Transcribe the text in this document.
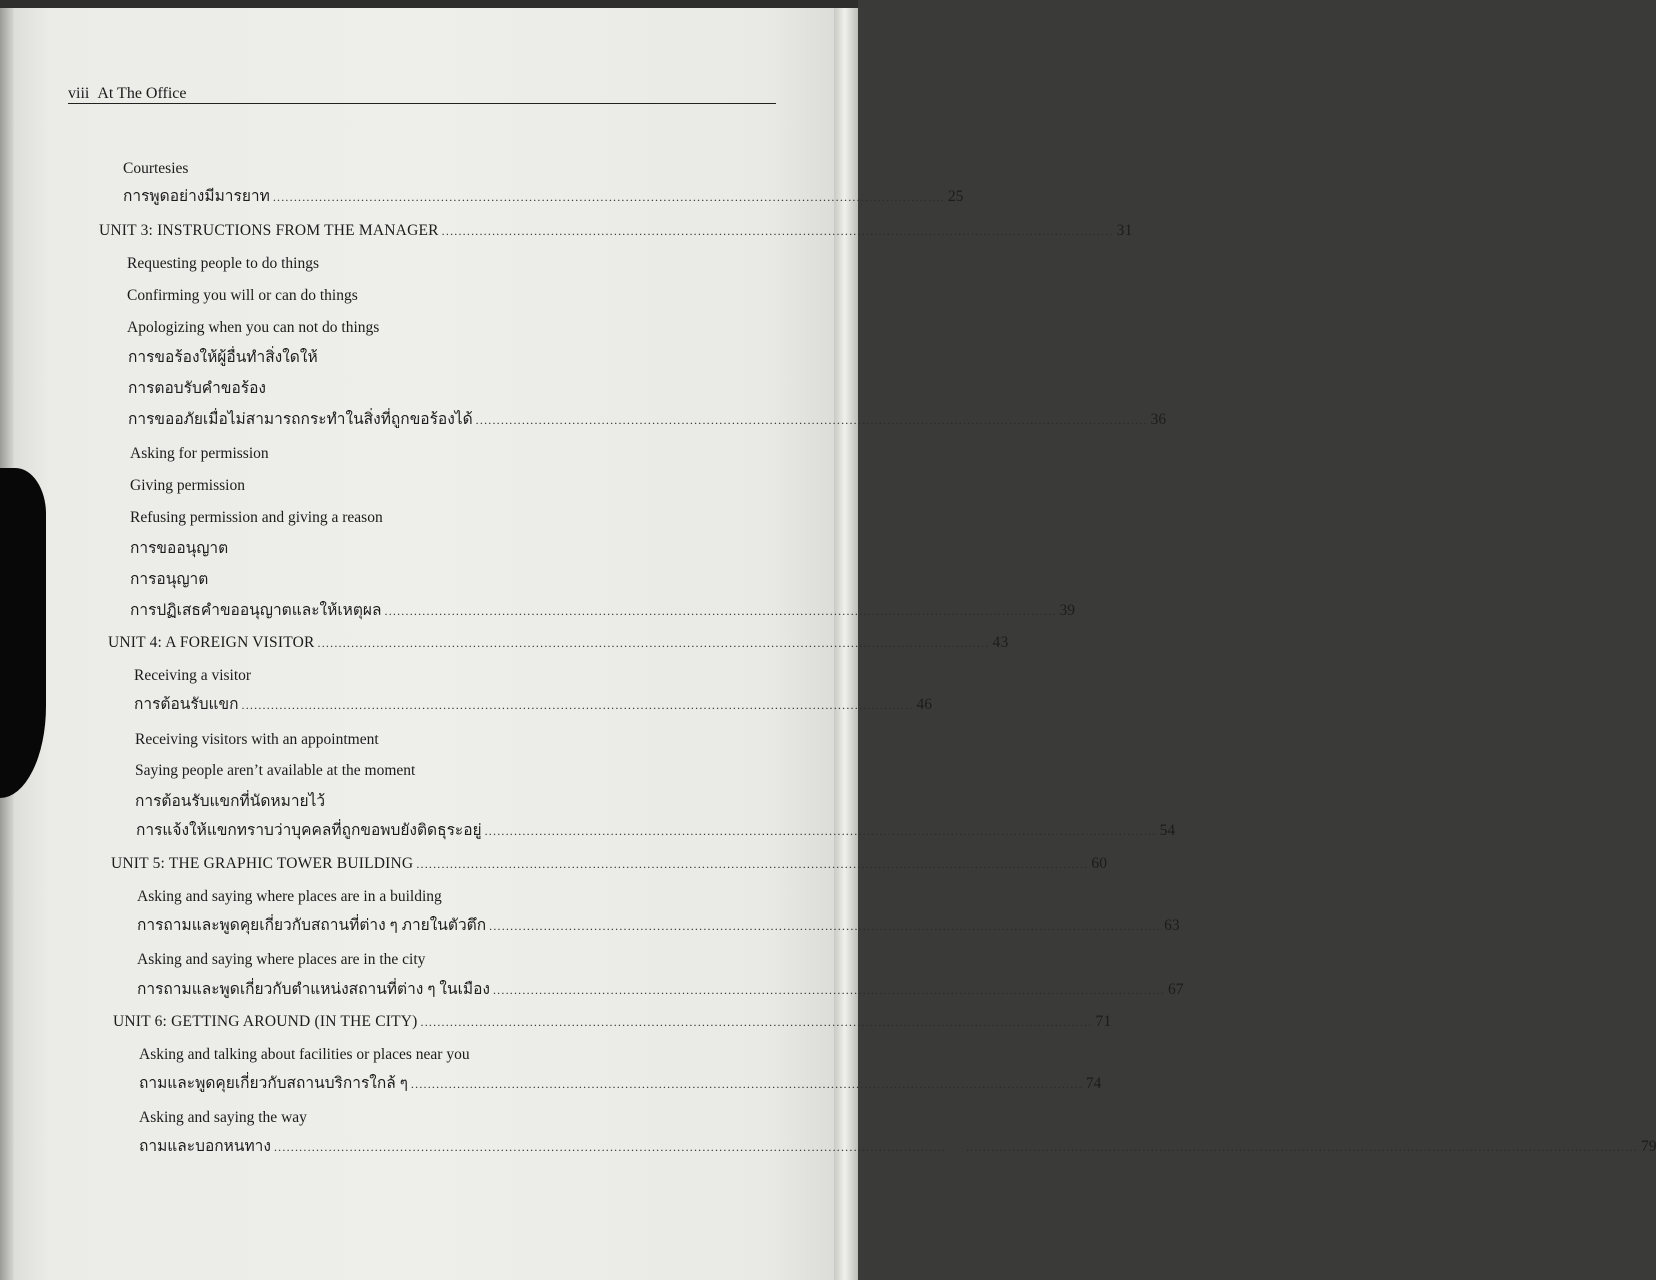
viii At The Office
Courtesies
การพูดอย่างมีมารยาท ................................................................................................................................................................ 25
UNIT 3: INSTRUCTIONS FROM THE MANAGER ................................................................................................................................................................ 31
Requesting people to do things
Confirming you will or can do things
Apologizing when you can not do things
การขอร้องให้ผู้อื่นทำสิ่งใดให้
การตอบรับคำขอร้อง
การขออภัยเมื่อไม่สามารถกระทำในสิ่งที่ถูกขอร้องได้ ................................................................................................................................................................ 36
Asking for permission
Giving permission
Refusing permission and giving a reason
การขออนุญาต
การอนุญาต
การปฏิเสธคำขออนุญาตและให้เหตุผล ................................................................................................................................................................ 39
UNIT 4: A FOREIGN VISITOR ................................................................................................................................................................ 43
Receiving a visitor
การต้อนรับแขก ................................................................................................................................................................ 46
Receiving visitors with an appointment
Saying people aren’t available at the moment
การต้อนรับแขกที่นัดหมายไว้
การแจ้งให้แขกทราบว่าบุคคลที่ถูกขอพบยังติดธุระอยู่ ................................................................................................................................................................ 54
UNIT 5: THE GRAPHIC TOWER BUILDING ................................................................................................................................................................ 60
Asking and saying where places are in a building
การถามและพูดคุยเกี่ยวกับสถานที่ต่าง ๆ ภายในตัวตึก ................................................................................................................................................................ 63
Asking and saying where places are in the city
การถามและพูดเกี่ยวกับตำแหน่งสถานที่ต่าง ๆ ในเมือง ................................................................................................................................................................ 67
UNIT 6: GETTING AROUND (IN THE CITY) ................................................................................................................................................................ 71
Asking and talking about facilities or places near you
ถามและพูดคุยเกี่ยวกับสถานบริการใกล้ ๆ ................................................................................................................................................................ 74
Asking and saying the way
ถามและบอกหนทาง ................................................................................................................................................................ ................................................................................................................................................................ 79
